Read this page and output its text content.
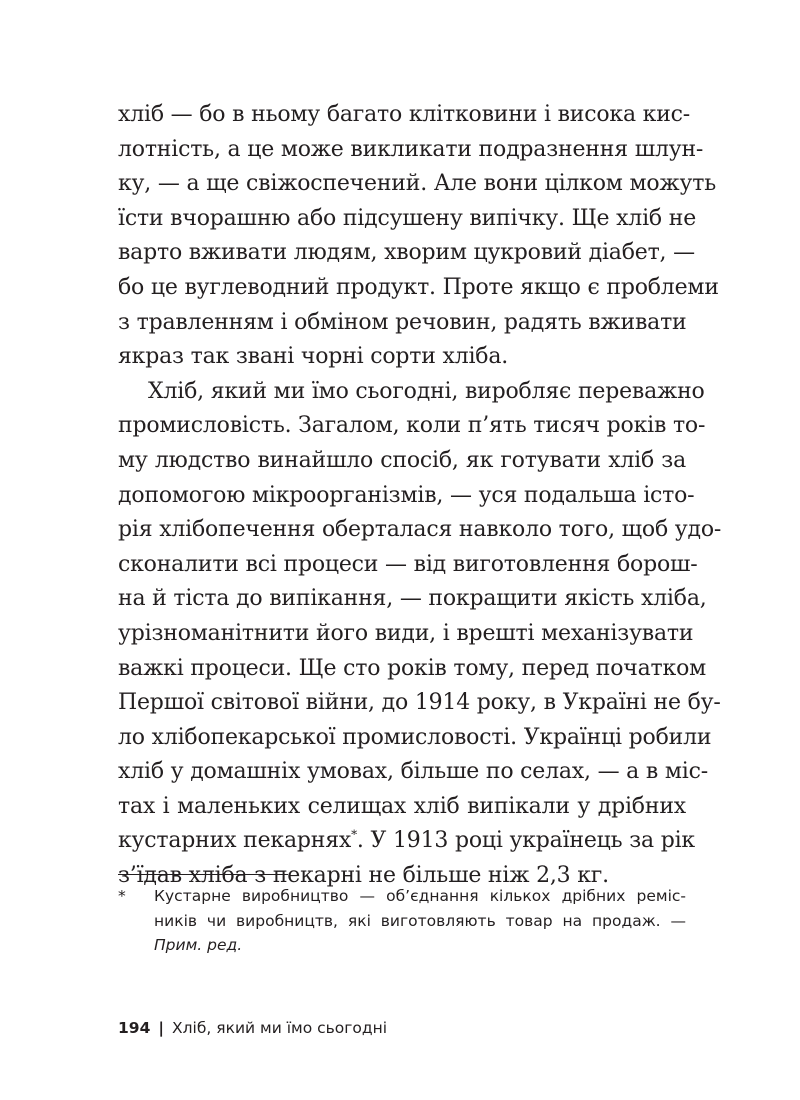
хліб — бо в ньому багато клітковини і висока кис-
лотність, а це може викликати подразнення шлун-
ку, — а ще свіжоспечений. Але вони цілком можуть
їсти вчорашню або підсушену випічку. Ще хліб не
варто вживати людям, хворим цукровий діабет, —
бо це вуглеводний продукт. Проте якщо є проблеми
з травленням і обміном речовин, радять вживати
якраз так звані чорні сорти хліба.
Хліб, який ми їмо сьогодні, виробляє переважно
промисловість. Загалом, коли п’ять тисяч років то-
му людство винайшло спосіб, як готувати хліб за
допомогою мікроорганізмів, — уся подальша істо-
рія хлібопечення оберталася навколо того, щоб удо-
сконалити всі процеси — від виготовлення борош-
на й тіста до випікання, — покращити якість хліба,
урізноманітнити його види, і врешті механізувати
важкі процеси. Ще сто років тому, перед початком
Першої світової війни, до 1914 року, в Україні не бу-
ло хлібопекарської промисловості. Українці робили
хліб у домашніх умовах, більше по селах, — а в міс-
тах і маленьких селищах хліб випікали у дрібних
кустарних пекарнях*. У 1913 році українець за рік
з’їдав хліба з пекарні не більше ніж 2,3 кг.
* Кустарне виробництво — об’єднання кількох дрібних реміс-
ників чи виробництв, які виготовляють товар на продаж. —
Прим. ред.
194 | Хліб, який ми їмо сьогодні
